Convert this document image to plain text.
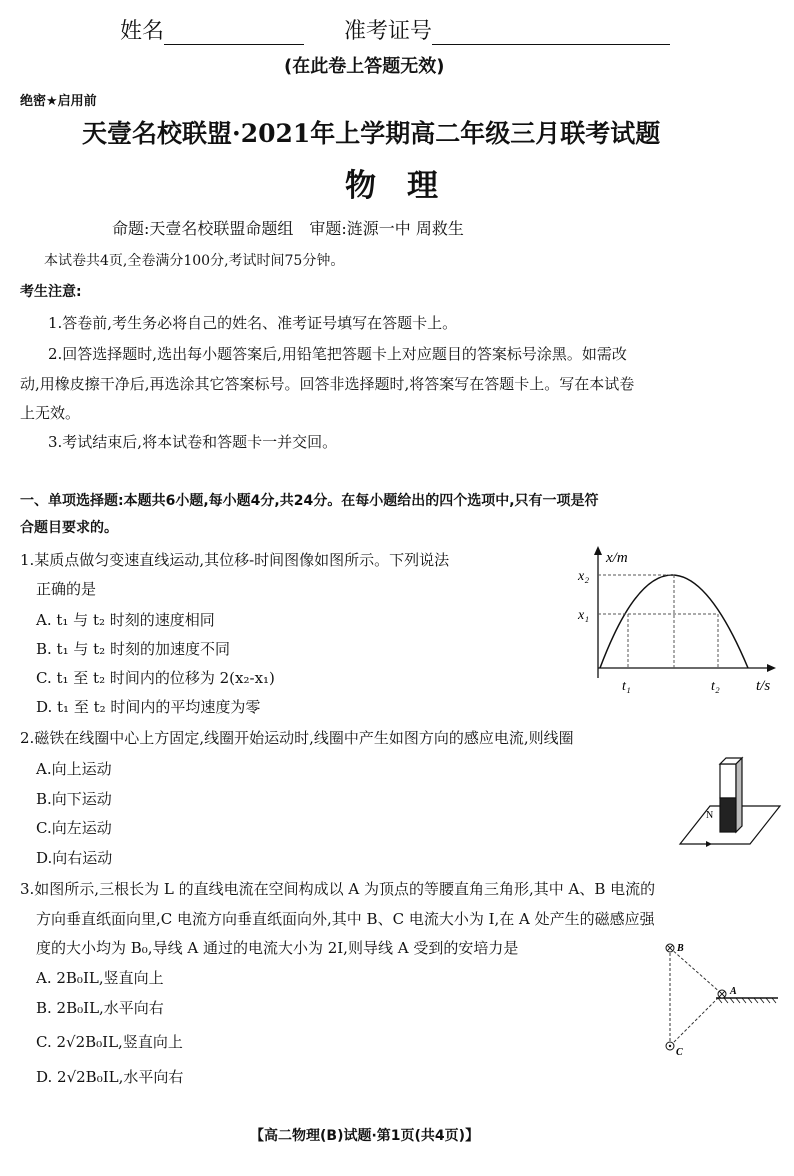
姓名	准考证号
(在此卷上答题无效)
绝密★启用前
天壹名校联盟·2021年上学期高二年级三月联考试题
物　理
命题:天壹名校联盟命题组　审题:涟源一中 周救生
本试卷共4页,全卷满分100分,考试时间75分钟。
考生注意:
1.答卷前,考生务必将自己的姓名、准考证号填写在答题卡上。
2.回答选择题时,选出每小题答案后,用铅笔把答题卡上对应题目的答案标号涂黑。如需改
动,用橡皮擦干净后,再选涂其它答案标号。回答非选择题时,将答案写在答题卡上。写在本试卷
上无效。
3.考试结束后,将本试卷和答题卡一并交回。
一、单项选择题:本题共6小题,每小题4分,共24分。在每小题给出的四个选项中,只有一项是符
合题目要求的。
1.某质点做匀变速直线运动,其位移-时间图像如图所示。下列说法
正确的是
A. t₁ 与 t₂ 时刻的速度相同
B. t₁ 与 t₂ 时刻的加速度不同
C. t₁ 至 t₂ 时间内的位移为 2(x₂-x₁)
D. t₁ 至 t₂ 时间内的平均速度为零
x/m
x₂
x₁
t₁	t₂ t/s
2.磁铁在线圈中心上方固定,线圈开始运动时,线圈中产生如图方向的感应电流,则线圈
A.向上运动
B.向下运动
C.向左运动
D.向右运动
N
3.如图所示,三根长为 L 的直线电流在空间构成以 A 为顶点的等腰直角三角形,其中 A、B 电流的
方向垂直纸面向里,C 电流方向垂直纸面向外,其中 B、C 电流大小为 I,在 A 处产生的磁感应强
度的大小均为 B₀,导线 A 通过的电流大小为 2I,则导线 A 受到的安培力是
A. 2B₀IL,竖直向上
B. 2B₀IL,水平向右
C. 2√2B₀IL,竖直向上
D. 2√2B₀IL,水平向右
B
A
C
【高二物理(B)试题·第1页(共4页)】
